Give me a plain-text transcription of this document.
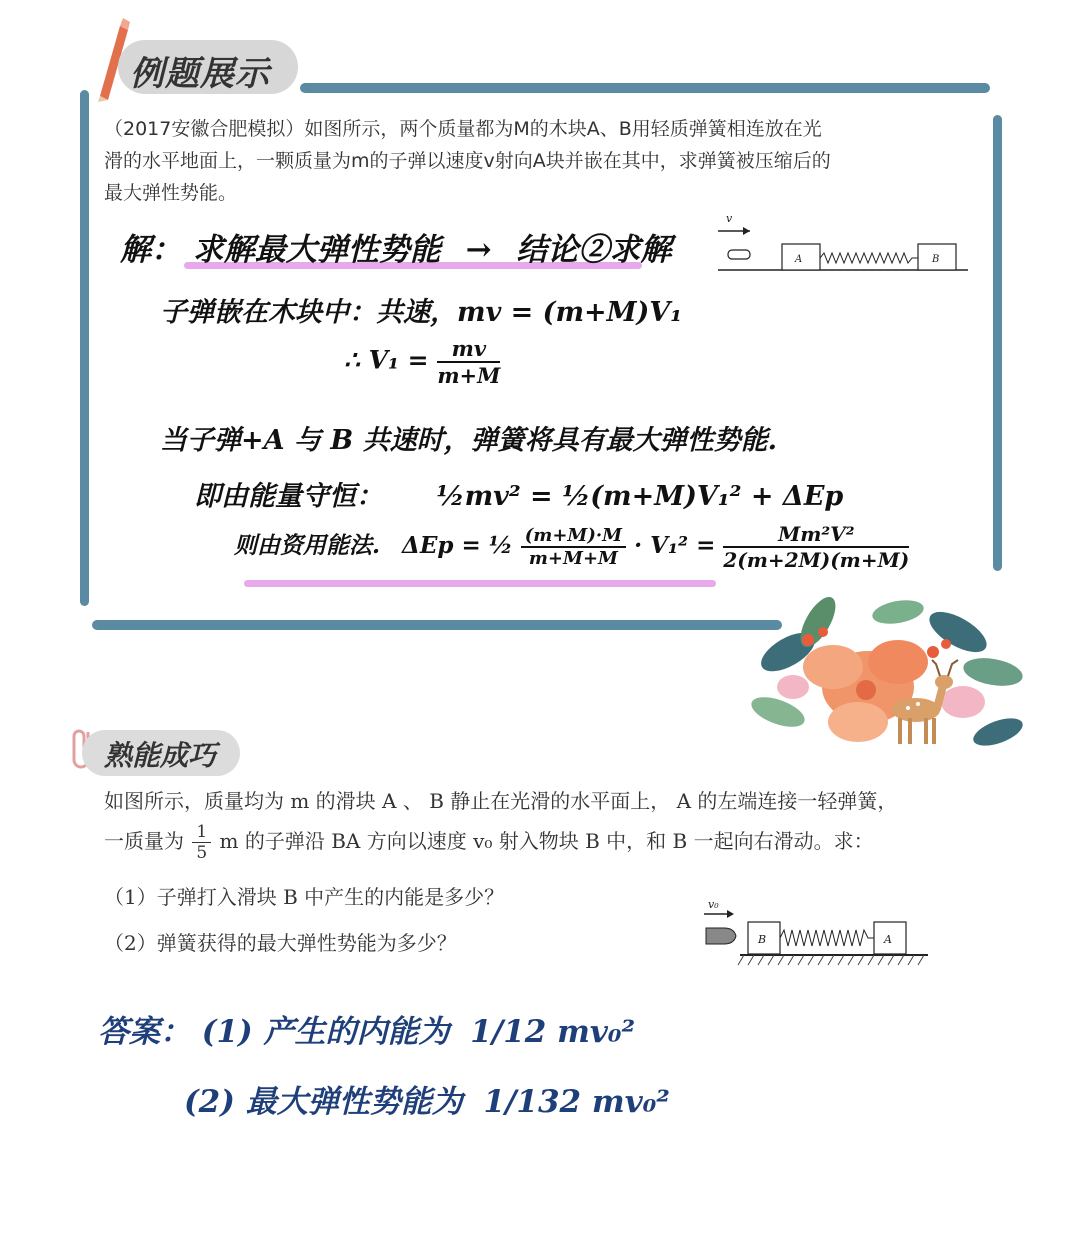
例题展示
（2017安徽合肥模拟）如图所示，两个质量都为M的木块A、B用轻质弹簧相连放在光
滑的水平地面上，一颗质量为m的子弹以速度v射向A块并嵌在其中，求弹簧被压缩后的
最大弹性势能。
v
A	B
解： 求解最大弹性势能 → 结论②求解
子弹嵌在木块中：共速，mv = (m+M)V₁
∴ $V_1 = \frac{mv}{m+M}$
当子弹+A 与 B 共速时，弹簧将具有最大弹性势能.
即由能量守恒： ½mv² = ½(m+M)V₁² + ΔEp
则由资用能法. ΔEp = ½ $\frac{(m+M)\cdot M}{m+M+M} \cdot V_1^2 = \frac{\text{Mm²V²}}{2(m+2M)(m+M)}$
熟能成巧
如图所示，质量均为 m 的滑块 A 、 B 静止在光滑的水平面上， A 的左端连接一轻弹簧，
一质量为 $\frac{1}{5}$ m 的子弹沿 BA 方向以速度 v₀ 射入物块 B 中，和 B 一起向右滑动。求：
（1）子弹打入滑块 B 中产生的内能是多少？
（2）弹簧获得的最大弹性势能为多少？
v₀
B	A
答案： (1) 产生的内能为 1/12 mv₀²
(2) 最大弹性势能为 1/132 mv₀²
